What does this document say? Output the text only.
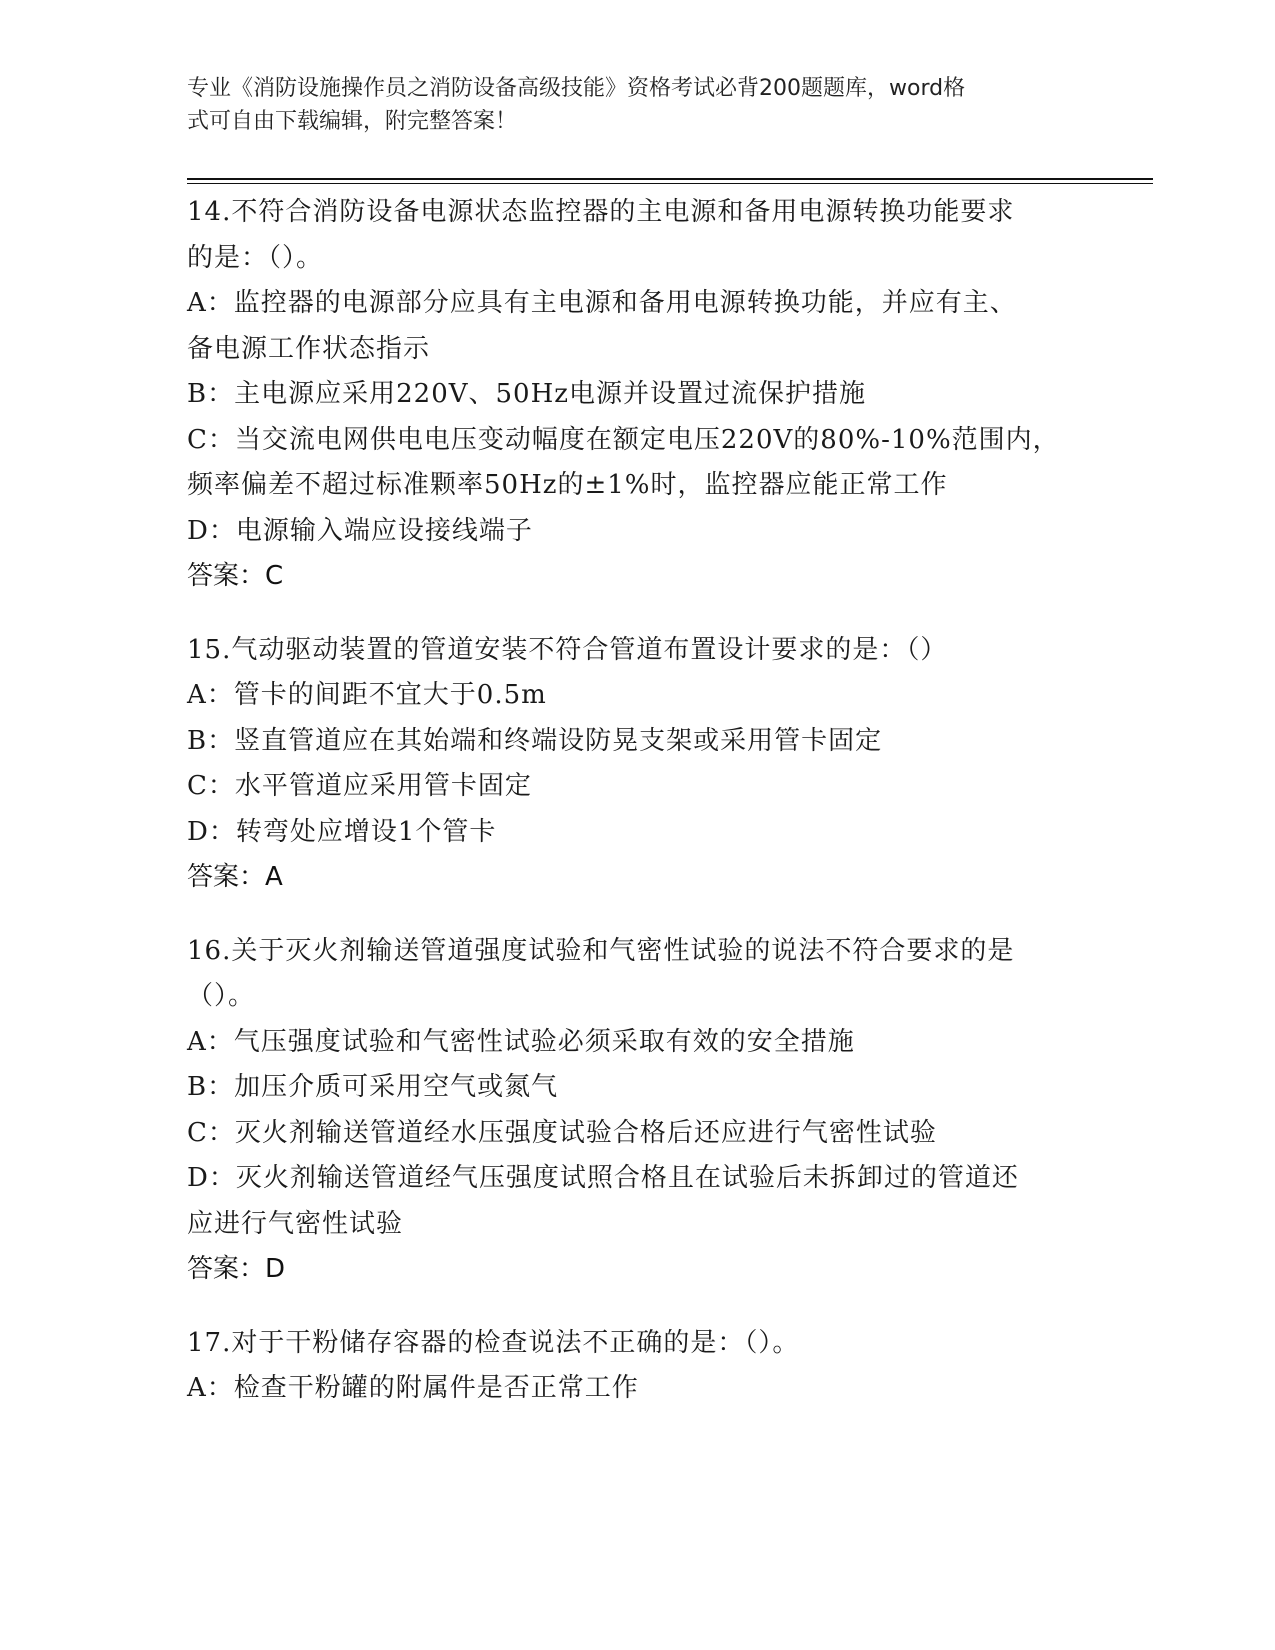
专业《消防设施操作员之消防设备高级技能》资格考试必背200题题库，word格
式可自由下载编辑，附完整答案！
14.不符合消防设备电源状态监控器的主电源和备用电源转换功能要求
的是：（）。
A：监控器的电源部分应具有主电源和备用电源转换功能，并应有主、
备电源工作状态指示
B：主电源应采用220V、50Hz电源并设置过流保护措施
C：当交流电网供电电压变动幅度在额定电压220V的80%-10%范围内，
频率偏差不超过标准颗率50Hz的±1%时，监控器应能正常工作
D：电源输入端应设接线端子
答案：C
15.气动驱动装置的管道安装不符合管道布置设计要求的是：（）
A：管卡的间距不宜大于0.5m
B：竖直管道应在其始端和终端设防晃支架或采用管卡固定
C：水平管道应采用管卡固定
D：转弯处应增设1个管卡
答案：A
16.关于灭火剂输送管道强度试验和气密性试验的说法不符合要求的是
（）。
A：气压强度试验和气密性试验必须采取有效的安全措施
B：加压介质可采用空气或氮气
C：灭火剂输送管道经水压强度试验合格后还应进行气密性试验
D：灭火剂输送管道经气压强度试照合格且在试验后未拆卸过的管道还
应进行气密性试验
答案：D
17.对于干粉储存容器的检查说法不正确的是：（）。
A：检查干粉罐的附属件是否正常工作
